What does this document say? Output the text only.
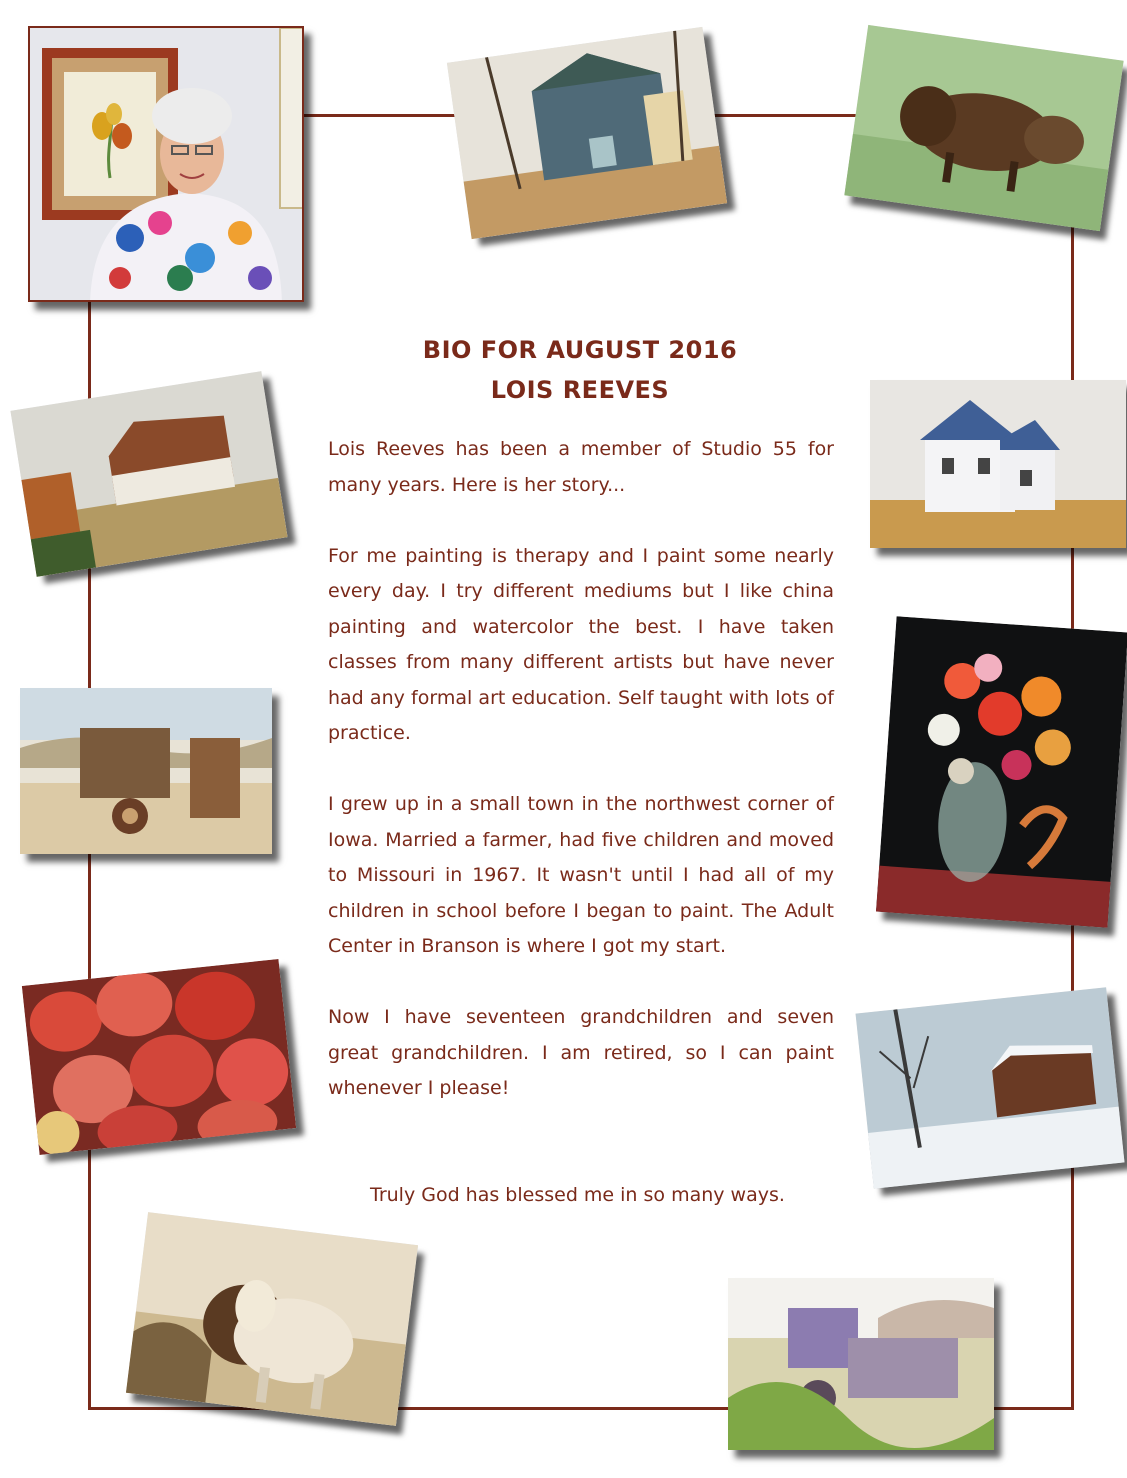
BIO FOR AUGUST 2016
LOIS REEVES

Lois Reeves has been a member of Studio 55 for many years. Here is her story...

For me painting is therapy and I paint some nearly every day. I try different mediums but I like china painting and watercolor the best. I have taken classes from many different artists but have never had any formal art education. Self taught with lots of practice.

I grew up in a small town in the northwest corner of Iowa. Married a farmer, had five children and moved to Missouri in 1967. It wasn't until I had all of my children in school before I began to paint. The Adult Center in Branson is where I got my start.

Now I have seventeen grandchildren and seven great grandchildren. I am retired, so I can paint whenever I please!

Truly God has blessed me in so many ways.
